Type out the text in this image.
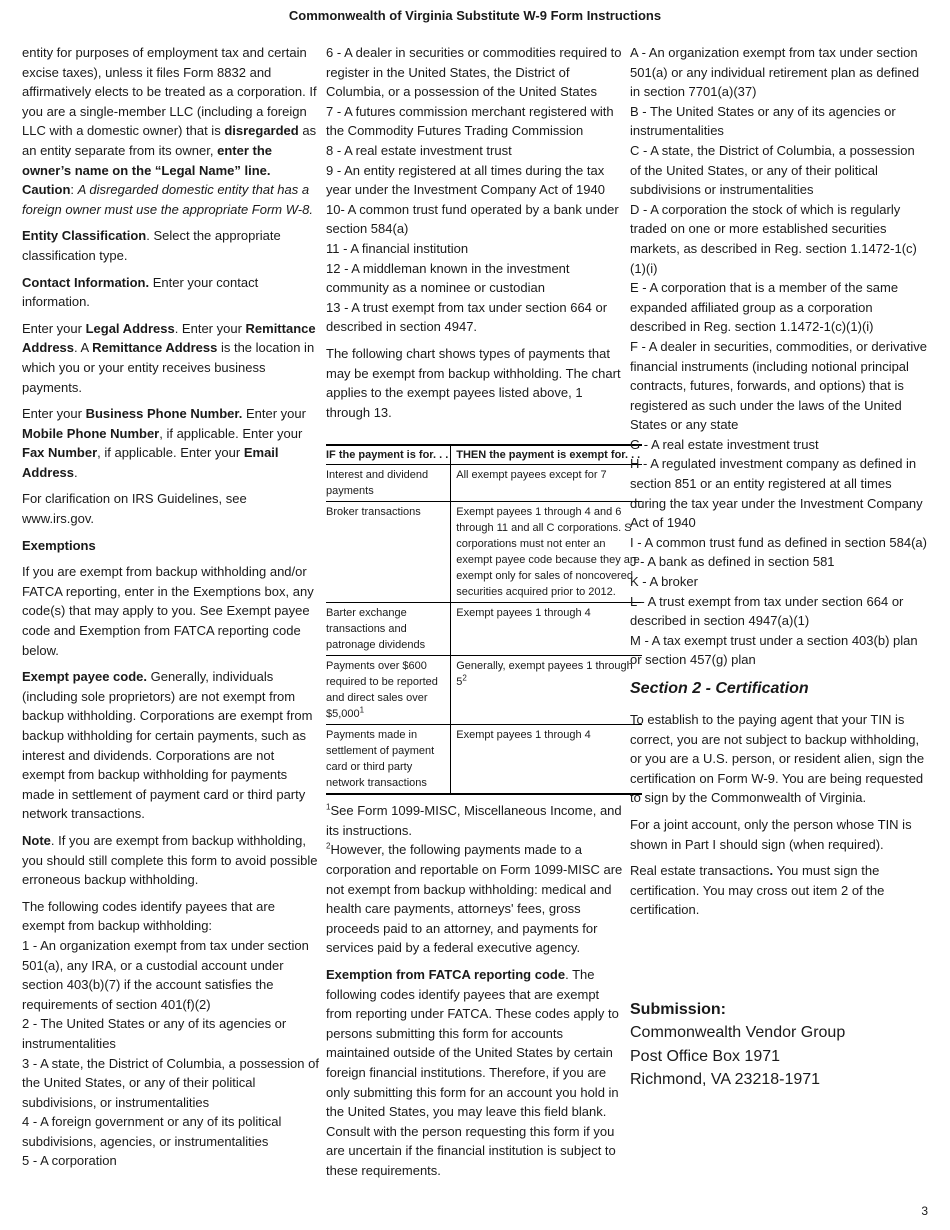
Commonwealth of Virginia Substitute W-9 Form Instructions

entity for purposes of employment tax and certain excise taxes), unless it files Form 8832 and affirmatively elects to be treated as a corporation. If you are a single-member LLC (including a foreign LLC with a domestic owner) that is disregarded as an entity separate from its owner, enter the owner’s name on the “Legal Name” line. Caution: A disregarded domestic entity that has a foreign owner must use the appropriate Form W-8.

Entity Classification. Select the appropriate classification type.

Contact Information. Enter your contact information.

Enter your Legal Address. Enter your Remittance Address. A Remittance Address is the location in which you or your entity receives business payments.

Enter your Business Phone Number. Enter your Mobile Phone Number, if applicable. Enter your Fax Number, if applicable. Enter your Email Address.

For clarification on IRS Guidelines, see www.irs.gov.

Exemptions

If you are exempt from backup withholding and/or FATCA reporting, enter in the Exemptions box, any code(s) that may apply to you. See Exempt payee code and Exemption from FATCA reporting code below.

Exempt payee code. Generally, individuals (including sole proprietors) are not exempt from backup withholding. Corporations are exempt from backup withholding for certain payments, such as interest and dividends. Corporations are not exempt from backup withholding for payments made in settlement of payment card or third party network transactions.

Note. If you are exempt from backup withholding, you should still complete this form to avoid possible erroneous backup withholding.

The following codes identify payees that are exempt from backup withholding:
1 - An organization exempt from tax under section 501(a), any IRA, or a custodial account under section 403(b)(7) if the account satisfies the requirements of section 401(f)(2)
2 - The United States or any of its agencies or instrumentalities
3 - A state, the District of Columbia, a possession of the United States, or any of their political subdivisions, or instrumentalities
4 - A foreign government or any of its political subdivisions, agencies, or instrumentalities
5 - A corporation
6 - A dealer in securities or commodities required to register in the United States, the District of Columbia, or a possession of the United States
7 - A futures commission merchant registered with the Commodity Futures Trading Commission
8 - A real estate investment trust
9 - An entity registered at all times during the tax year under the Investment Company Act of 1940
10- A common trust fund operated by a bank under section 584(a)
11 - A financial institution
12 - A middleman known in the investment community as a nominee or custodian
13 - A trust exempt from tax under section 664 or described in section 4947.

The following chart shows types of payments that may be exempt from backup withholding. The chart applies to the exempt payees listed above, 1 through 13.

IF the payment is for. . .	THEN the payment is exempt for. . .
Interest and dividend payments	All exempt payees except for 7
Broker transactions	Exempt payees 1 through 4 and 6 through 11 and all C corporations. S corporations must not enter an exempt payee code because they are exempt only for sales of noncovered securities acquired prior to 2012.
Barter exchange transactions and patronage dividends	Exempt payees 1 through 4
Payments over $600 required to be reported and direct sales over $5,000$^1$	Generally, exempt payees 1 through $5^2$
Payments made in settlement of payment card or third party network transactions	Exempt payees 1 through 4
$^1$See Form 1099-MISC, Miscellaneous Income, and its instructions.
$^2$However, the following payments made to a corporation and reportable on Form 1099-MISC are not exempt from backup withholding: medical and health care payments, attorneys' fees, gross proceeds paid to an attorney, and payments for services paid by a federal executive agency.

Exemption from FATCA reporting code. The following codes identify payees that are exempt from reporting under FATCA. These codes apply to persons submitting this form for accounts maintained outside of the United States by certain foreign financial institutions. Therefore, if you are only submitting this form for an account you hold in the United States, you may leave this field blank. Consult with the person requesting this form if you are uncertain if the financial institution is subject to these requirements.

A - An organization exempt from tax under section 501(a) or any individual retirement plan as defined in section 7701(a)(37)
B - The United States or any of its agencies or instrumentalities
C - A state, the District of Columbia, a possession of the United States, or any of their political subdivisions or instrumentalities
D - A corporation the stock of which is regularly traded on one or more established securities markets, as described in Reg. section 1.1472-1(c)(1)(i)
E - A corporation that is a member of the same expanded affiliated group as a corporation described in Reg. section 1.1472-1(c)(1)(i)
F - A dealer in securities, commodities, or derivative financial instruments (including notional principal contracts, futures, forwards, and options) that is registered as such under the laws of the United States or any state
G - A real estate investment trust
H - A regulated investment company as defined in section 851 or an entity registered at all times during the tax year under the Investment Company Act of 1940
I - A common trust fund as defined in section 584(a)
J - A bank as defined in section 581
K - A broker
L - A trust exempt from tax under section 664 or described in section 4947(a)(1)
M - A tax exempt trust under a section 403(b) plan or section 457(g) plan
Section 2 - Certification

To establish to the paying agent that your TIN is correct, you are not subject to backup withholding, or you are a U.S. person, or resident alien, sign the certification on Form W-9. You are being requested to sign by the Commonwealth of Virginia.

For a joint account, only the person whose TIN is shown in Part I should sign (when required).

Real estate transactions. You must sign the certification. You may cross out item 2 of the certification.

Submission:
Commonwealth Vendor Group
Post Office Box 1971
Richmond, VA 23218-1971
3
